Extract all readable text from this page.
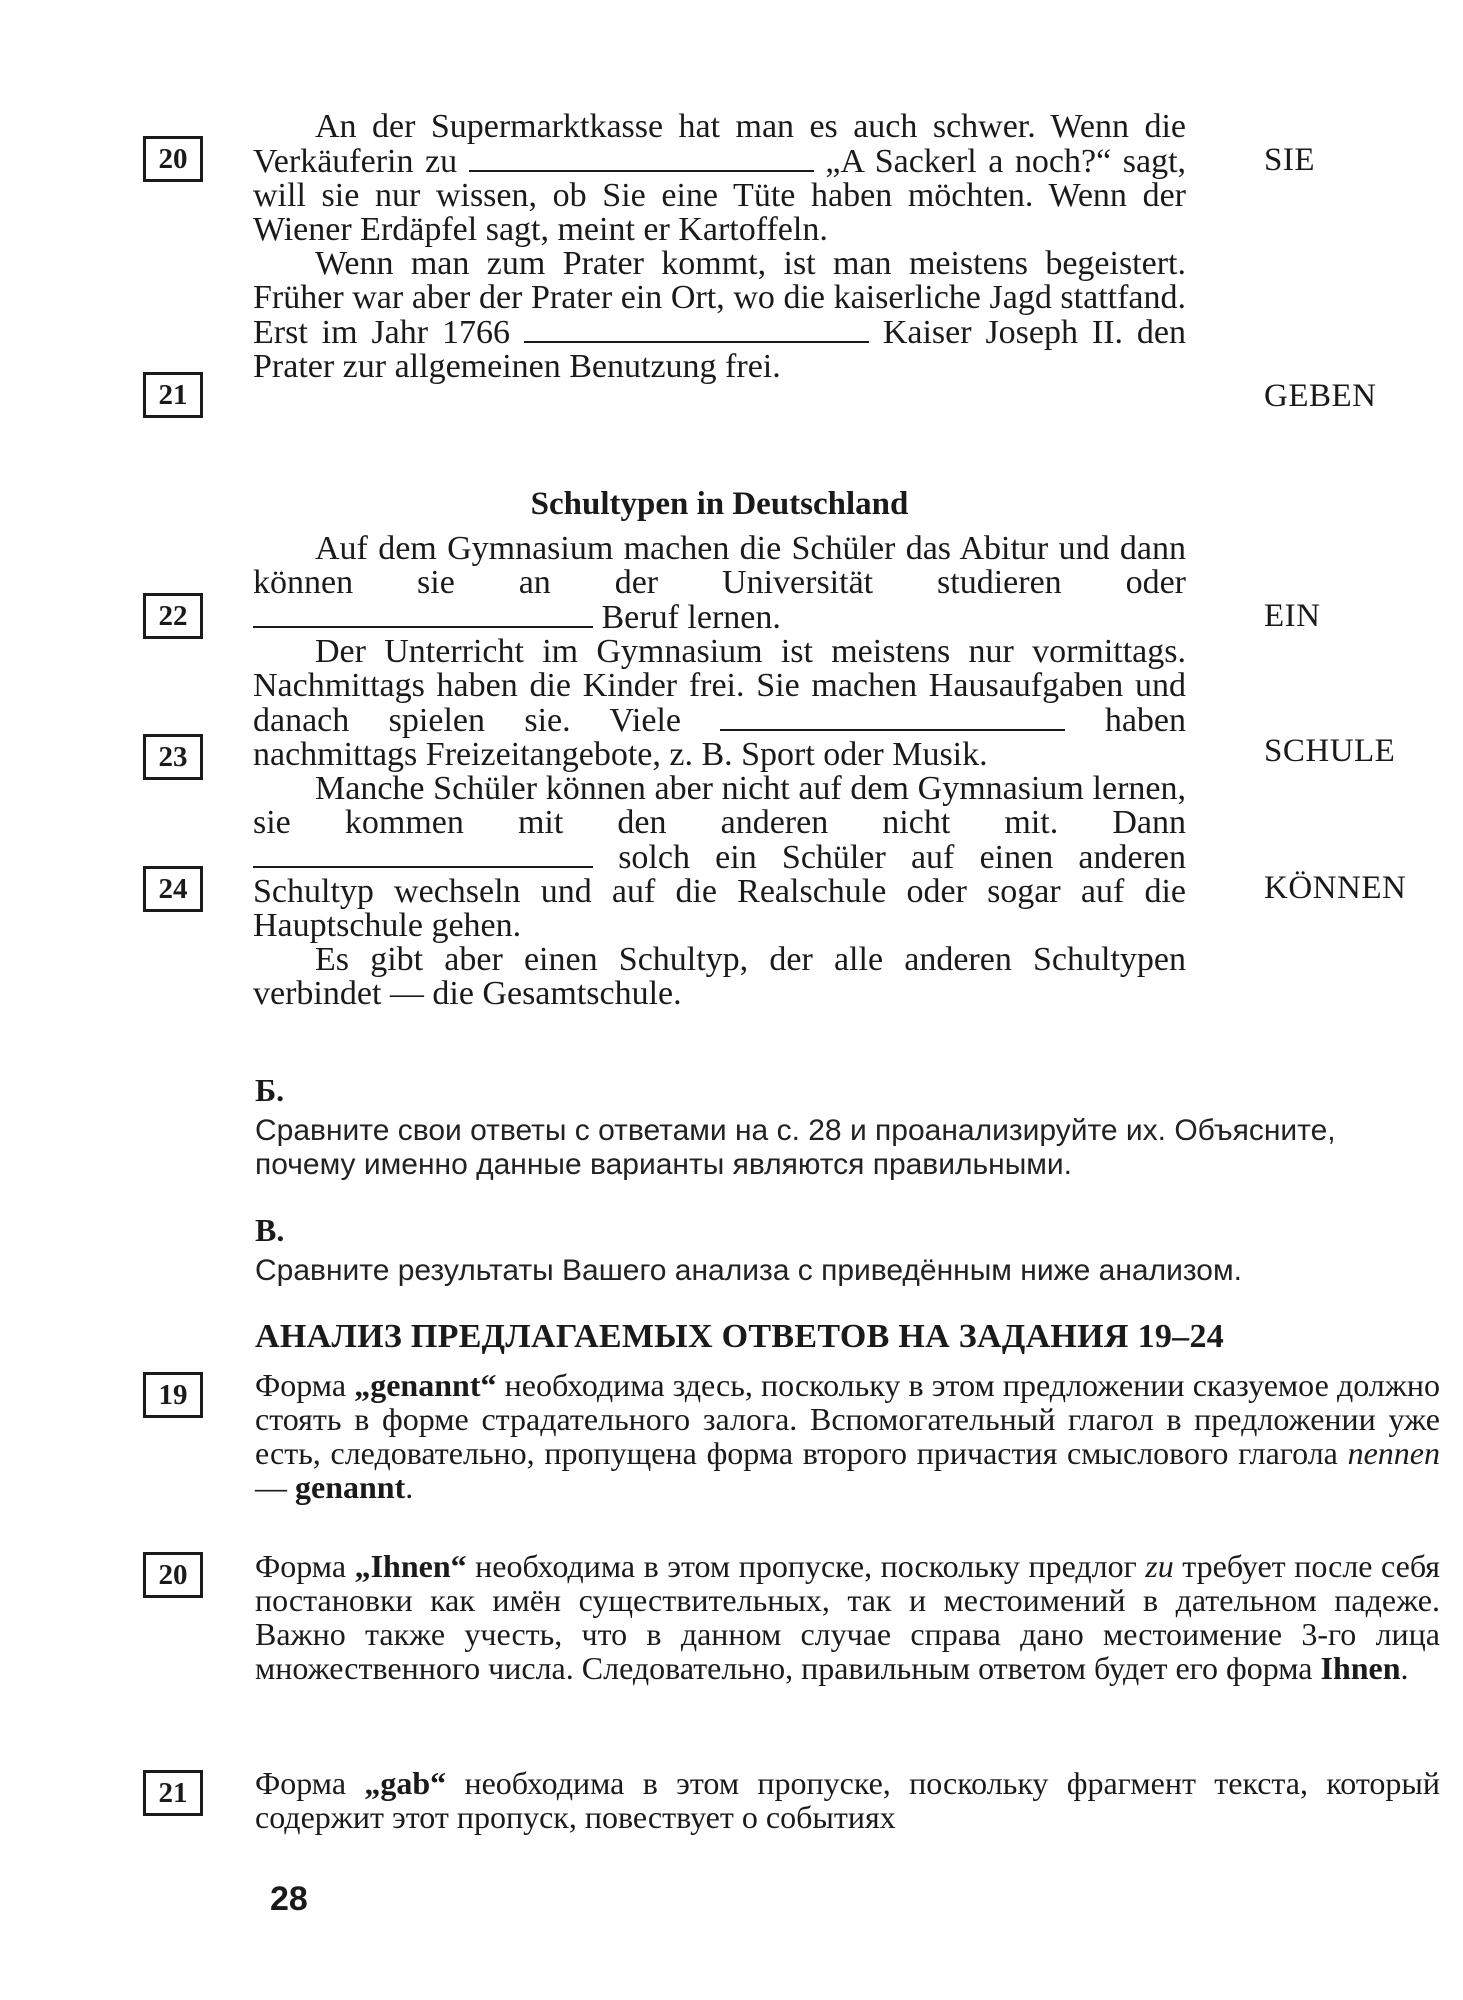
20
21
22
23
24
SIE
GEBEN
EIN
SCHULE
KÖNNEN

An der Supermarktkasse hat man es auch schwer. Wenn die Verkäuferin zu	„A Sackerl a noch?“ sagt, will sie nur wissen, ob Sie eine Tüte haben möchten. Wenn der Wiener Erdäpfel sagt, meint er Kartoffeln.

Wenn man zum Prater kommt, ist man meistens begeistert. Früher war aber der Prater ein Ort, wo die kaiserliche Jagd stattfand. Erst im Jahr 1766	Kaiser Joseph II. den Prater zur allgemeinen Benutzung frei.

Schultypen in Deutschland

Auf dem Gymnasium machen die Schüler das Abitur und dann können sie an der Universität studieren oder  Beruf lernen.

Der Unterricht im Gymnasium ist meistens nur vormittags. Nachmittags haben die Kinder frei. Sie machen Hausaufgaben und danach spielen sie. Viele	haben nachmittags Freizeitangebote, z. B. Sport oder Musik.

Manche Schüler können aber nicht auf dem Gymnasium lernen, sie kommen mit den anderen nicht mit. Dann  solch ein Schüler auf einen anderen Schultyp wechseln und auf die Realschule oder sogar auf die Hauptschule gehen.

Es gibt aber einen Schultyp, der alle anderen Schultypen verbindet — die Gesamtschule.

Б.
Сравните свои ответы с ответами на с. 28 и проанализируйте их. Объясните, почему именно данные варианты являются правильными.
В.
Сравните результаты Вашего анализа с приведённым ниже анализом.
АНАЛИЗ ПРЕДЛАГАЕМЫХ ОТВЕТОВ НА ЗАДАНИЯ 19–24
19	Форма „genannt“ необходима здесь, поскольку в этом предложении сказуемое должно стоять в форме страдательного залога. Вспомогательный глагол в предложении уже есть, следовательно, пропущена форма второго причастия смыслового глагола nennen — genannt.

20	Форма „Ihnen“ необходима в этом пропуске, поскольку предлог zu требует после себя постановки как имён существительных, так и местоимений в дательном падеже. Важно также учесть, что в данном случае справа дано местоимение 3-го лица множественного числа. Следовательно, правильным ответом будет его форма Ihnen.

21	Форма „gab“ необходима в этом пропуске, поскольку фрагмент текста, который содержит этот пропуск, повествует о событиях

28
